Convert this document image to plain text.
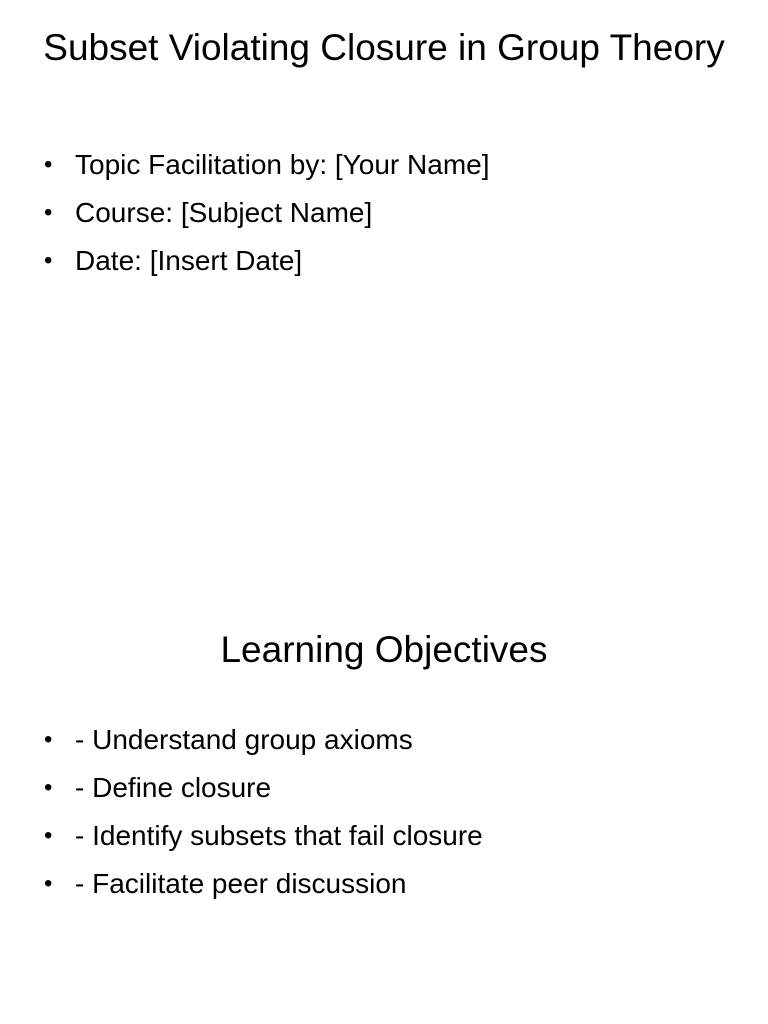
Subset Violating Closure in Group Theory
• Topic Facilitation by: [Your Name]
• Course: [Subject Name]
• Date: [Insert Date]
Learning Objectives
• - Understand group axioms
• - Define closure
• - Identify subsets that fail closure
• - Facilitate peer discussion
